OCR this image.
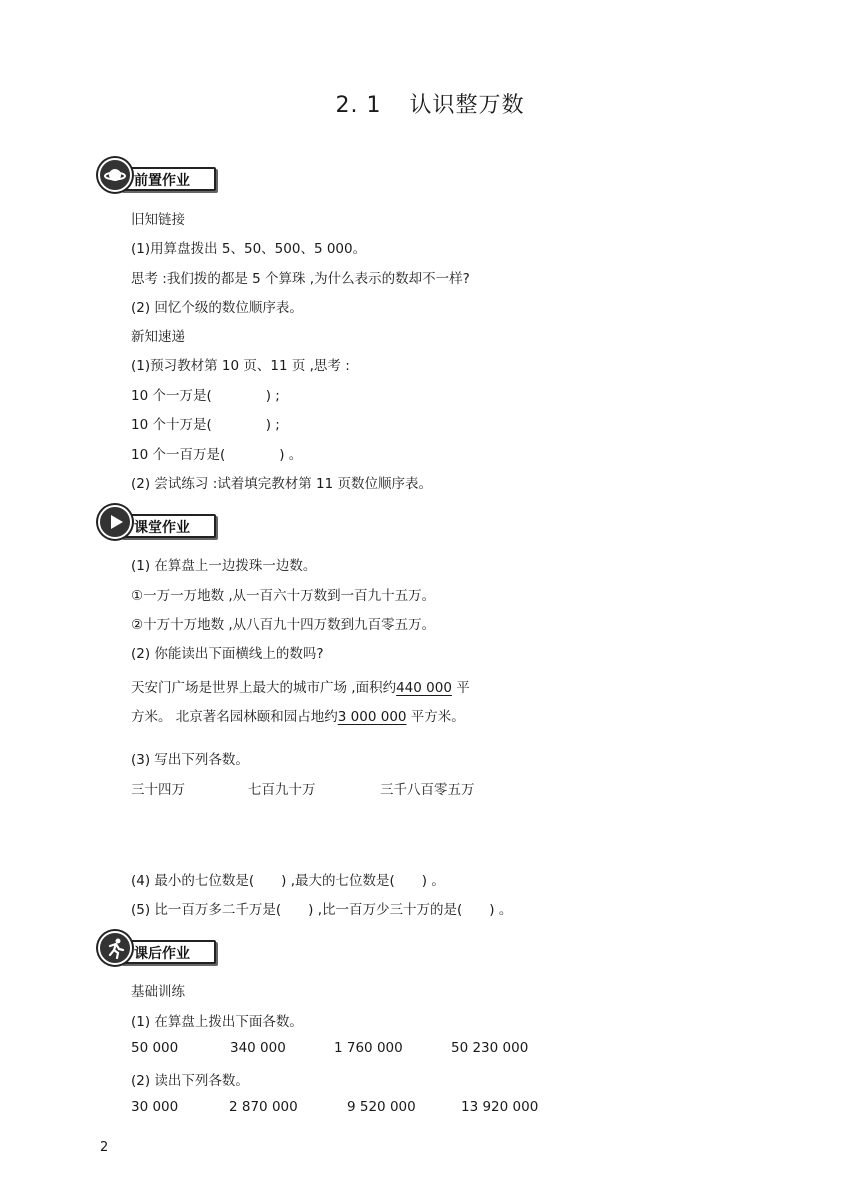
2. 1 认识整万数
前置作业
旧知链接
(1)用算盘拨出 5、50、500、5 000。
思考 :我们拨的都是 5 个算珠 ,为什么表示的数却不一样?
(2) 回忆个级的数位顺序表。
新知速递
(1)预习教材第 10 页、11 页 ,思考 :
10 个一万是(　　　　) ;
10 个十万是(　　　　) ;
10 个一百万是(　　　　) 。
(2) 尝试练习 :试着填完教材第 11 页数位顺序表。
课堂作业
(1) 在算盘上一边拨珠一边数。
①一万一万地数 ,从一百六十万数到一百九十五万。
②十万十万地数 ,从八百九十四万数到九百零五万。
(2) 你能读出下面横线上的数吗?
天安门广场是世界上最大的城市广场 ,面积约440 000 平
方米。 北京著名园林颐和园占地约3 000 000 平方米。
(3) 写出下列各数。
三十四万	七百九十万	三千八百零五万
(4) 最小的七位数是(　　) ,最大的七位数是(　　) 。
(5) 比一百万多二千万是(　　) ,比一百万少三十万的是(　　) 。
课后作业
基础训练
(1) 在算盘上拨出下面各数。
50 000	340 000	1 760 000	50 230 000
(2) 读出下列各数。
30 000	2 870 000	9 520 000	13 920 000
2
